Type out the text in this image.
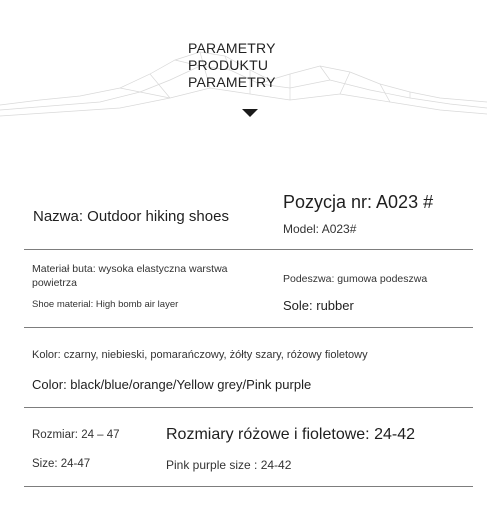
PARAMETRY
PRODUKTU
PARAMETRY
Nazwa: Outdoor hiking shoes
Pozycja nr: A023 #
Model: A023#
Materiał buta: wysoka elastyczna warstwa
powietrza
Shoe material: High bomb air layer
Podeszwa: gumowa podeszwa
Sole: rubber
Kolor: czarny, niebieski, pomarańczowy, żółty szary, różowy fioletowy
Color: black/blue/orange/Yellow grey/Pink purple
Rozmiar: 24 – 47
Size: 24-47
Rozmiary różowe i fioletowe: 24-42
Pink purple size : 24-42
